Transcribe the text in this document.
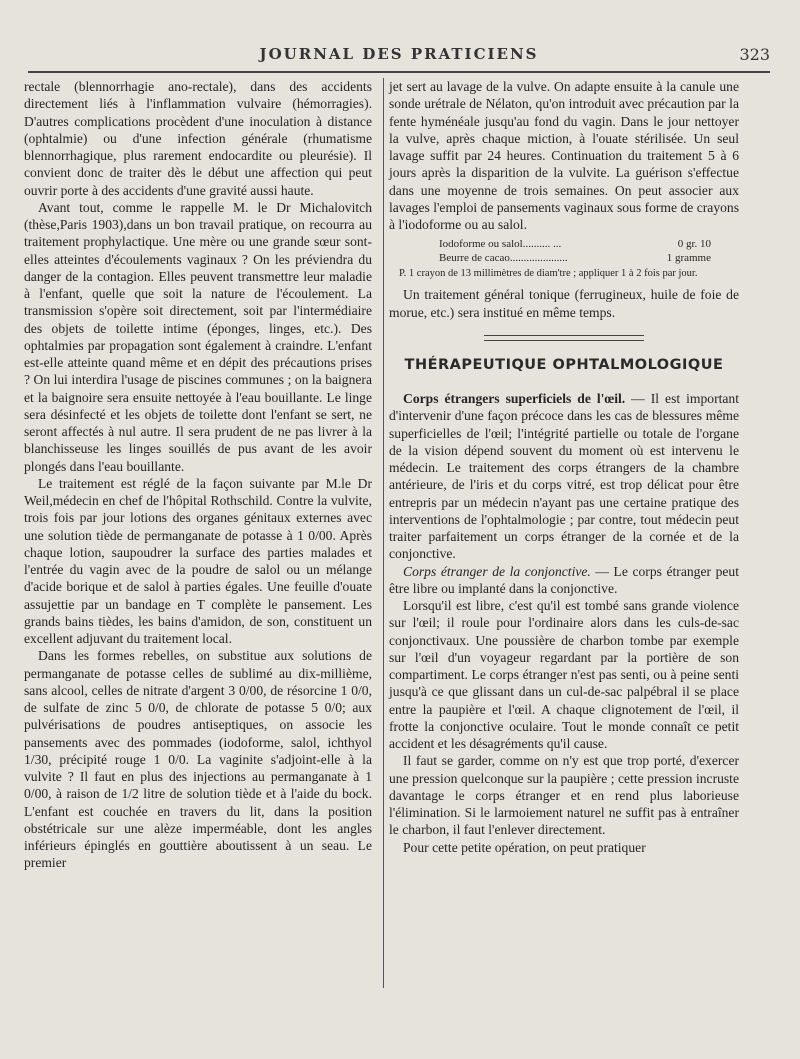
JOURNAL DES PRATICIENS	323

rectale (blennorrhagie ano-rectale), dans des accidents directement liés à l'inflammation vulvaire (hémorragies). D'autres complications procèdent d'une inoculation à distance (ophtalmie) ou d'une infection générale (rhumatisme blennorrhagique, plus rarement endocardite ou pleurésie). Il convient donc de traiter dès le début une affection qui peut ouvrir porte à des accidents d'une gravité aussi haute.

Avant tout, comme le rappelle M. le Dr Michalovitch (thèse,Paris 1903),dans un bon travail pratique, on recourra au traitement prophylactique. Une mère ou une grande sœur sont-elles atteintes d'écoulements vaginaux ? On les préviendra du danger de la contagion. Elles peuvent transmettre leur maladie à l'enfant, quelle que soit la nature de l'écoulement. La transmission s'opère soit directement, soit par l'intermédiaire des objets de toilette intime (éponges, linges, etc.). Des ophtalmies par propagation sont également à craindre. L'enfant est-elle atteinte quand même et en dépit des précautions prises ? On lui interdira l'usage de piscines communes ; on la baignera et la baignoire sera ensuite nettoyée à l'eau bouillante. Le linge sera désinfecté et les objets de toilette dont l'enfant se sert, ne seront affectés à nul autre. Il sera prudent de ne pas livrer à la blanchisseuse les linges souillés de pus avant de les avoir plongés dans l'eau bouillante.

Le traitement est réglé de la façon suivante par M.le Dr Weil,médecin en chef de l'hôpital Rothschild. Contre la vulvite, trois fois par jour lotions des organes génitaux externes avec une solution tiède de permanganate de potasse à 1 0/00. Après chaque lotion, saupoudrer la surface des parties malades et l'entrée du vagin avec de la poudre de salol ou un mélange d'acide borique et de salol à parties égales. Une feuille d'ouate assujettie par un bandage en T complète le pansement. Les grands bains tièdes, les bains d'amidon, de son, constituent un excellent adjuvant du traitement local.

Dans les formes rebelles, on substitue aux solutions de permanganate de potasse celles de sublimé au dix-millième, sans alcool, celles de nitrate d'argent 3 0/00, de résorcine 1 0/0, de sulfate de zinc 5 0/0, de chlorate de potasse 5 0/0; aux pulvérisations de poudres antiseptiques, on associe les pansements avec des pommades (iodoforme, salol, ichthyol 1/30, précipité rouge 1 0/0. La vaginite s'adjoint-elle à la vulvite ? Il faut en plus des injections au permanganate à 1 0/00, à raison de 1/2 litre de solution tiède et à l'aide du bock. L'enfant est couchée en travers du lit, dans la position obstétricale sur une alèze imperméable, dont les angles inférieurs épinglés en gouttière aboutissent à un seau. Le premier

jet sert au lavage de la vulve. On adapte ensuite à la canule une sonde urétrale de Nélaton, qu'on introduit avec précaution par la fente hyménéale jusqu'au fond du vagin. Dans le jour nettoyer la vulve, après chaque miction, à l'ouate stérilisée. Un seul lavage suffit par 24 heures. Continuation du traitement 5 à 6 jours après la disparition de la vulvite. La guérison s'effectue dans une moyenne de trois semaines. On peut associer aux lavages l'emploi de pansements vaginaux sous forme de crayons à l'iodoforme ou au salol.

Iodoforme ou salol.......... ...	0 gr. 10
Beurre de cacao.....................	1 gramme
P. 1 crayon de 13 millimètres de diam'tre ; appliquer 1 à 2 fois par jour.

Un traitement général tonique (ferrugineux, huile de foie de morue, etc.) sera institué en même temps.

THÉRAPEUTIQUE OPHTALMOLOGIQUE

Corps étrangers superficiels de l'œil. — Il est important d'intervenir d'une façon précoce dans les cas de blessures même superficielles de l'œil; l'intégrité partielle ou totale de l'organe de la vision dépend souvent du moment où est intervenu le médecin. Le traitement des corps étrangers de la chambre antérieure, de l'iris et du corps vitré, est trop délicat pour être entrepris par un médecin n'ayant pas une certaine pratique des interventions de l'ophtalmologie ; par contre, tout médecin peut traiter parfaitement un corps étranger de la cornée et de la conjonctive.

Corps étranger de la conjonctive. — Le corps étranger peut être libre ou implanté dans la conjonctive.

Lorsqu'il est libre, c'est qu'il est tombé sans grande violence sur l'œil; il roule pour l'ordinaire alors dans les culs-de-sac conjonctivaux. Une poussière de charbon tombe par exemple sur l'œil d'un voyageur regardant par la portière de son compartiment. Le corps étranger n'est pas senti, ou à peine senti jusqu'à ce que glissant dans un cul-de-sac palpébral il se place entre la paupière et l'œil. A chaque clignotement de l'œil, il frotte la conjonctive oculaire. Tout le monde connaît ce petit accident et les désagréments qu'il cause.

Il faut se garder, comme on n'y est que trop porté, d'exercer une pression quelconque sur la paupière ; cette pression incruste davantage le corps étranger et en rend plus laborieuse l'élimination. Si le larmoiement naturel ne suffit pas à entraîner le charbon, il faut l'enlever directement.

Pour cette petite opération, on peut pratiquer
